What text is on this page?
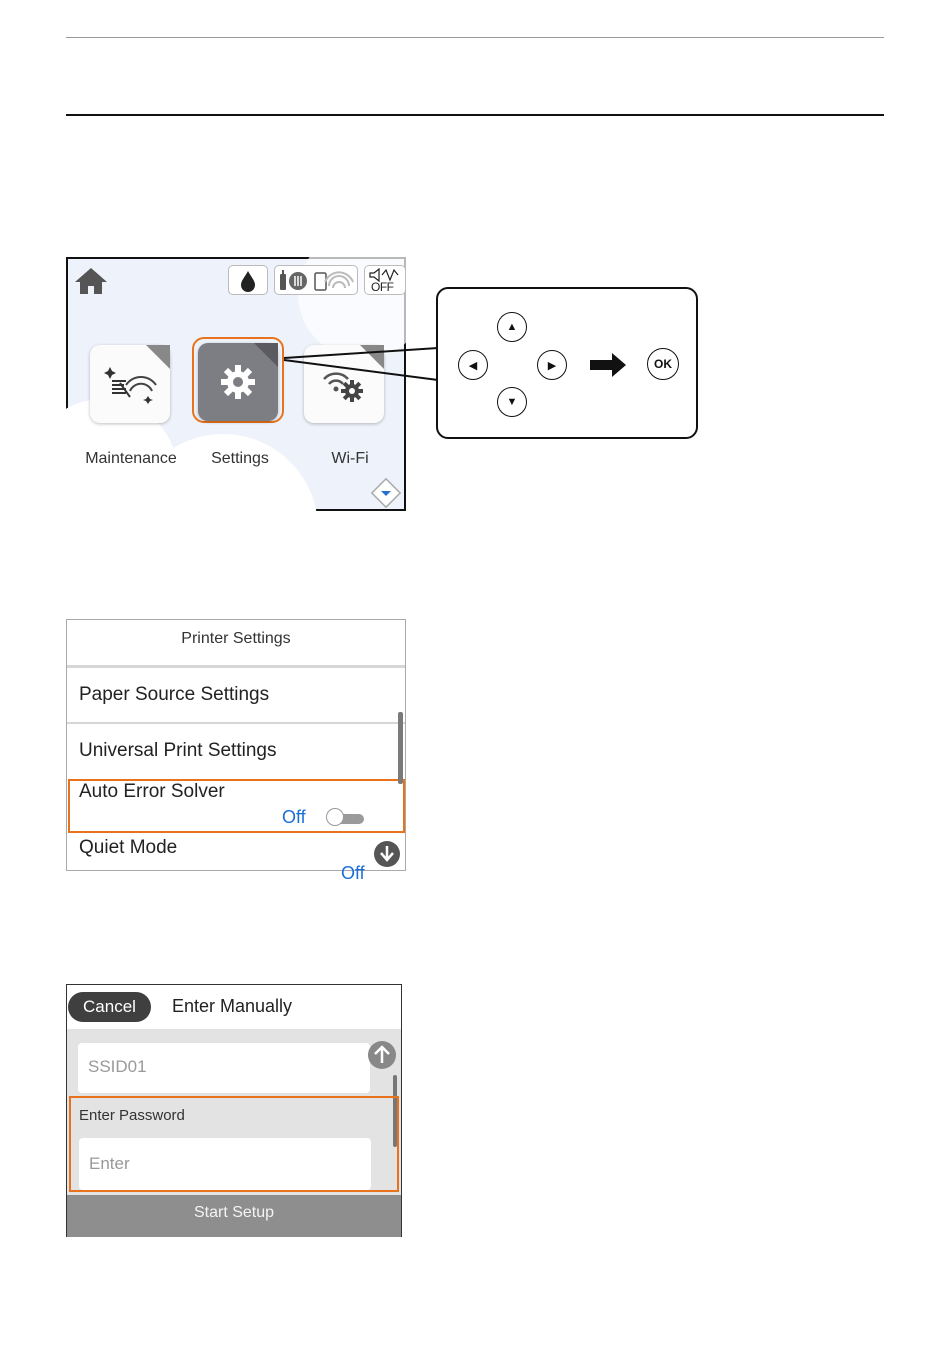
OFF
Maintenance	Settings	Wi-Fi
▲
◀	▶
▼
OK
Printer Settings
Paper Source Settings
Universal Print Settings
Auto Error Solver
Off
Quiet Mode
Off
Cancel	Enter Manually
SSID01
Enter Password
Enter
Start Setup
